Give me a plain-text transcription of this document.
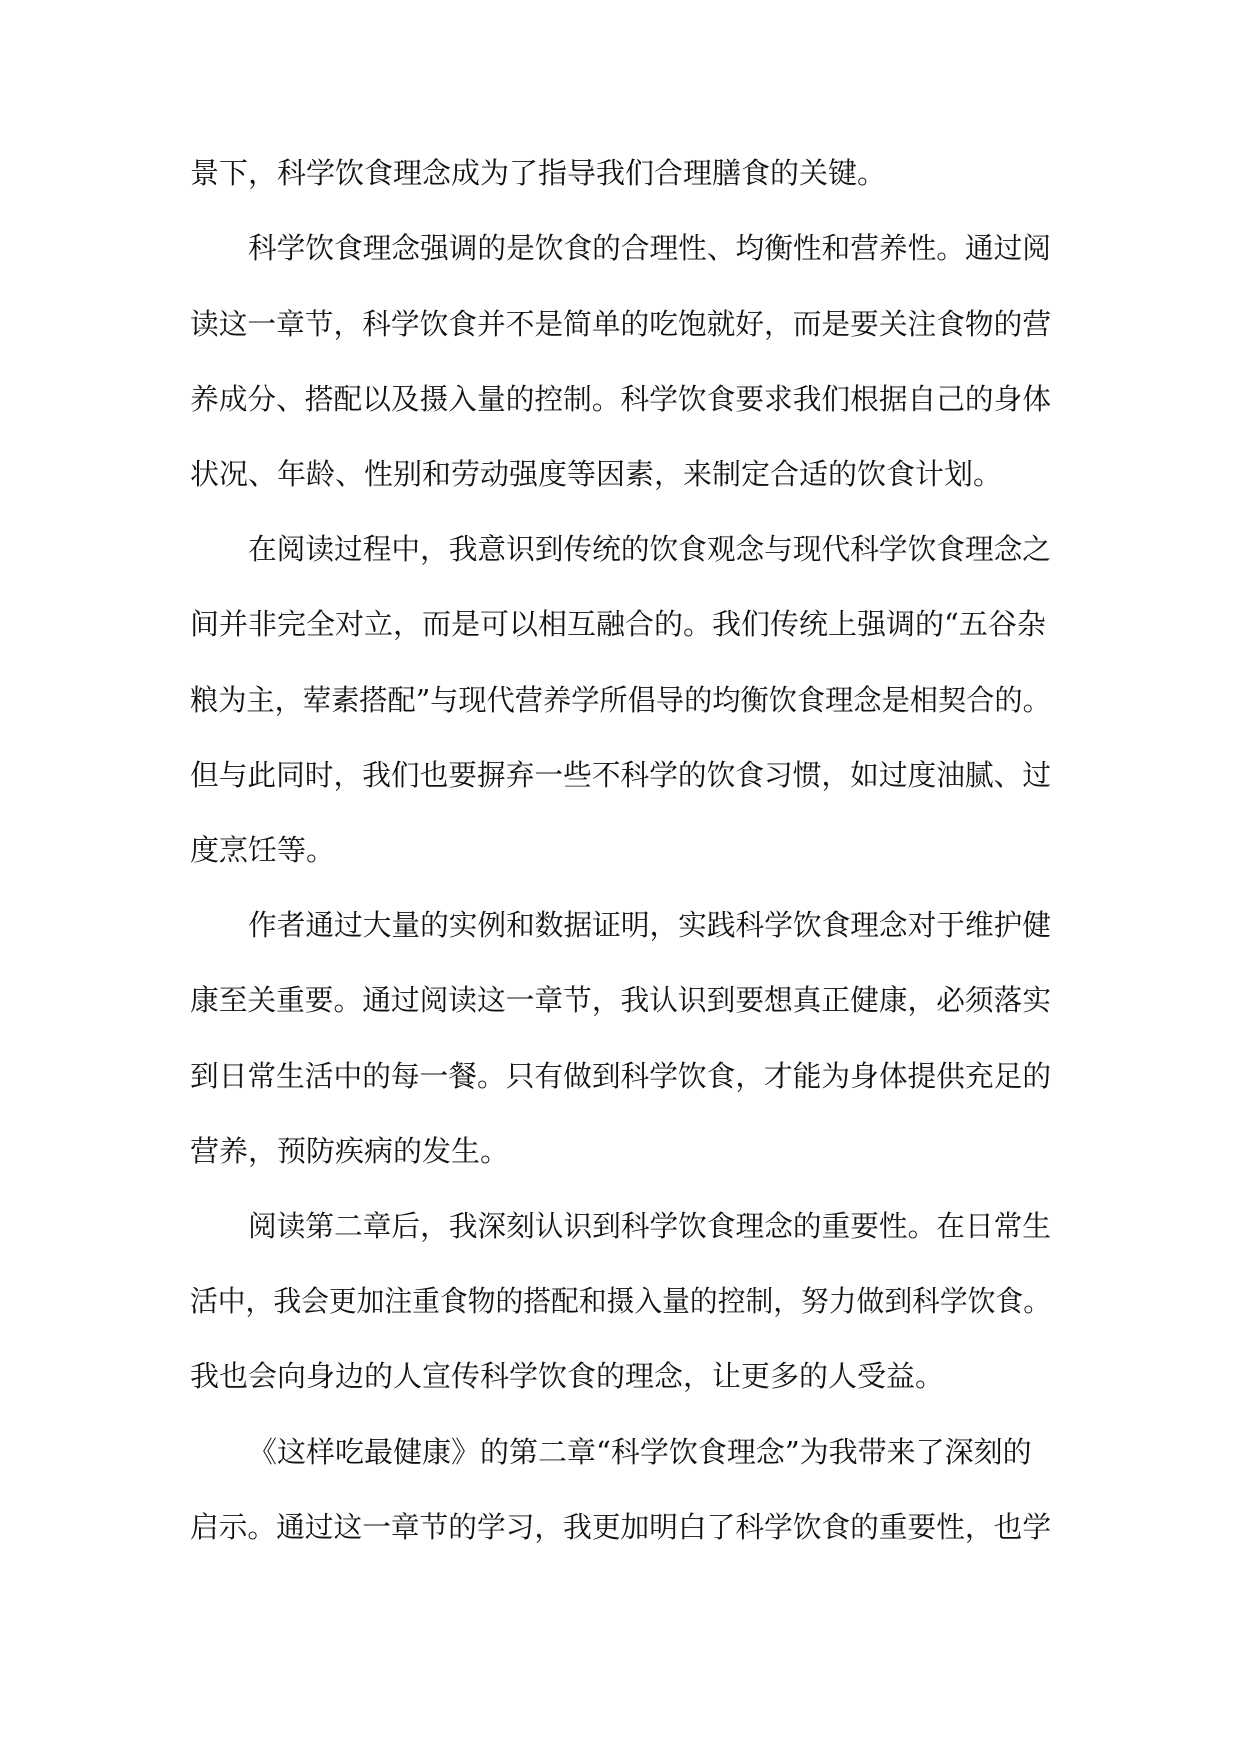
景下，科学饮食理念成为了指导我们合理膳食的关键。
科学饮食理念强调的是饮食的合理性、均衡性和营养性。通过阅
读这一章节，科学饮食并不是简单的吃饱就好，而是要关注食物的营
养成分、搭配以及摄入量的控制。科学饮食要求我们根据自己的身体
状况、年龄、性别和劳动强度等因素，来制定合适的饮食计划。
在阅读过程中，我意识到传统的饮食观念与现代科学饮食理念之
间并非完全对立，而是可以相互融合的。我们传统上强调的“五谷杂
粮为主，荤素搭配”与现代营养学所倡导的均衡饮食理念是相契合的。
但与此同时，我们也要摒弃一些不科学的饮食习惯，如过度油腻、过
度烹饪等。
作者通过大量的实例和数据证明，实践科学饮食理念对于维护健
康至关重要。通过阅读这一章节，我认识到要想真正健康，必须落实
到日常生活中的每一餐。只有做到科学饮食，才能为身体提供充足的
营养，预防疾病的发生。
阅读第二章后，我深刻认识到科学饮食理念的重要性。在日常生
活中，我会更加注重食物的搭配和摄入量的控制，努力做到科学饮食。
我也会向身边的人宣传科学饮食的理念，让更多的人受益。
《这样吃最健康》的第二章“科学饮食理念”为我带来了深刻的
启示。通过这一章节的学习，我更加明白了科学饮食的重要性，也学
